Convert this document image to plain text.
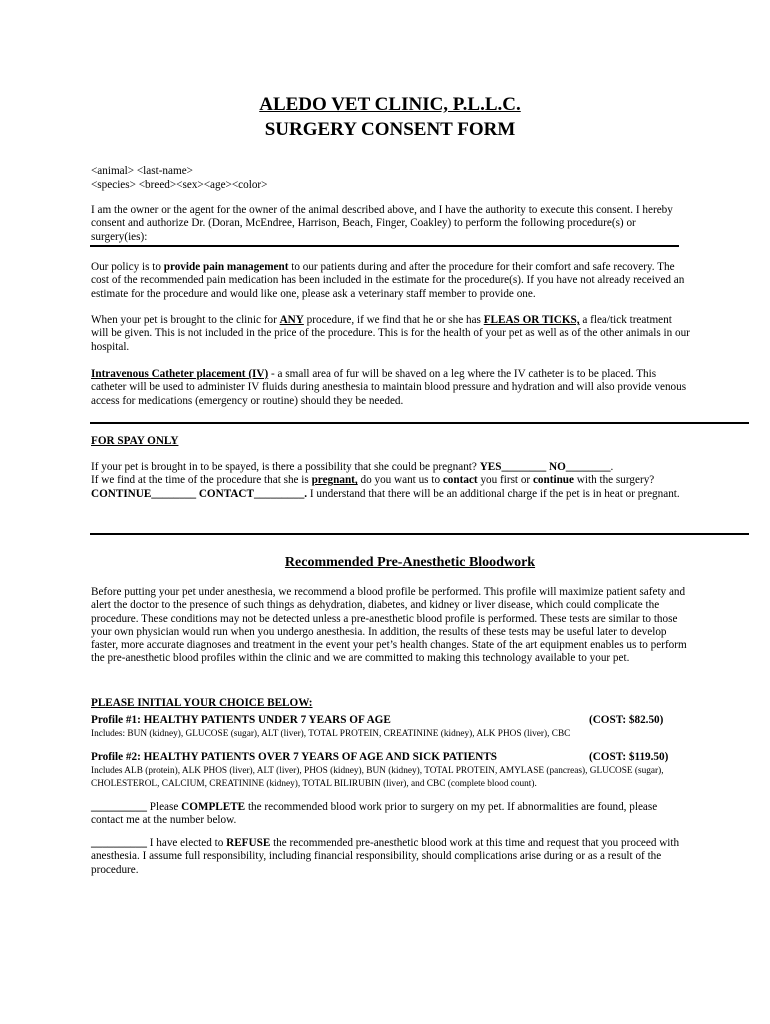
ALEDO VET CLINIC, P.L.L.C.
SURGERY CONSENT FORM
<animal> <last-name>
<species> <breed><sex><age><color>
I am the owner or the agent for the owner of the animal described above, and I have the authority to execute this consent. I hereby consent and authorize Dr. (Doran, McEndree, Harrison, Beach, Finger, Coakley) to perform the following procedure(s) or surgery(ies):
Our policy is to provide pain management to our patients during and after the procedure for their comfort and safe recovery. The cost of the recommended pain medication has been included in the estimate for the procedure(s). If you have not already received an estimate for the procedure and would like one, please ask a veterinary staff member to provide one.
When your pet is brought to the clinic for ANY procedure, if we find that he or she has FLEAS OR TICKS, a flea/tick treatment will be given. This is not included in the price of the procedure. This is for the health of your pet as well as of the other animals in our hospital.
Intravenous Catheter placement (IV) - a small area of fur will be shaved on a leg where the IV catheter is to be placed. This catheter will be used to administer IV fluids during anesthesia to maintain blood pressure and hydration and will also provide venous access for medications (emergency or routine) should they be needed.
FOR SPAY ONLY
If your pet is brought in to be spayed, is there a possibility that she could be pregnant? YES________ NO________.
If we find at the time of the procedure that she is pregnant, do you want us to contact you first or continue with the surgery?
CONTINUE________ CONTACT_________. I understand that there will be an additional charge if the pet is in heat or pregnant.
Recommended Pre-Anesthetic Bloodwork
Before putting your pet under anesthesia, we recommend a blood profile be performed. This profile will maximize patient safety and alert the doctor to the presence of such things as dehydration, diabetes, and kidney or liver disease, which could complicate the procedure. These conditions may not be detected unless a pre-anesthetic blood profile is performed. These tests are similar to those your own physician would run when you undergo anesthesia. In addition, the results of these tests may be useful later to develop faster, more accurate diagnoses and treatment in the event your pet’s health changes. State of the art equipment enables us to perform the pre-anesthetic blood profiles within the clinic and we are committed to making this technology available to your pet.
PLEASE INITIAL YOUR CHOICE BELOW:
Profile #1: HEALTHY PATIENTS UNDER 7 YEARS OF AGE	(COST: $82.50)
Includes: BUN (kidney), GLUCOSE (sugar), ALT (liver), TOTAL PROTEIN, CREATININE (kidney), ALK PHOS (liver), CBC
Profile #2: HEALTHY PATIENTS OVER 7 YEARS OF AGE AND SICK PATIENTS	(COST: $119.50)
Includes ALB (protein), ALK PHOS (liver), ALT (liver), PHOS (kidney), BUN (kidney), TOTAL PROTEIN, AMYLASE (pancreas), GLUCOSE (sugar), CHOLESTEROL, CALCIUM, CREATININE (kidney), TOTAL BILIRUBIN (liver), and CBC (complete blood count).
__________ Please COMPLETE the recommended blood work prior to surgery on my pet. If abnormalities are found, please contact me at the number below.
__________ I have elected to REFUSE the recommended pre-anesthetic blood work at this time and request that you proceed with anesthesia. I assume full responsibility, including financial responsibility, should complications arise during or as a result of the procedure.
